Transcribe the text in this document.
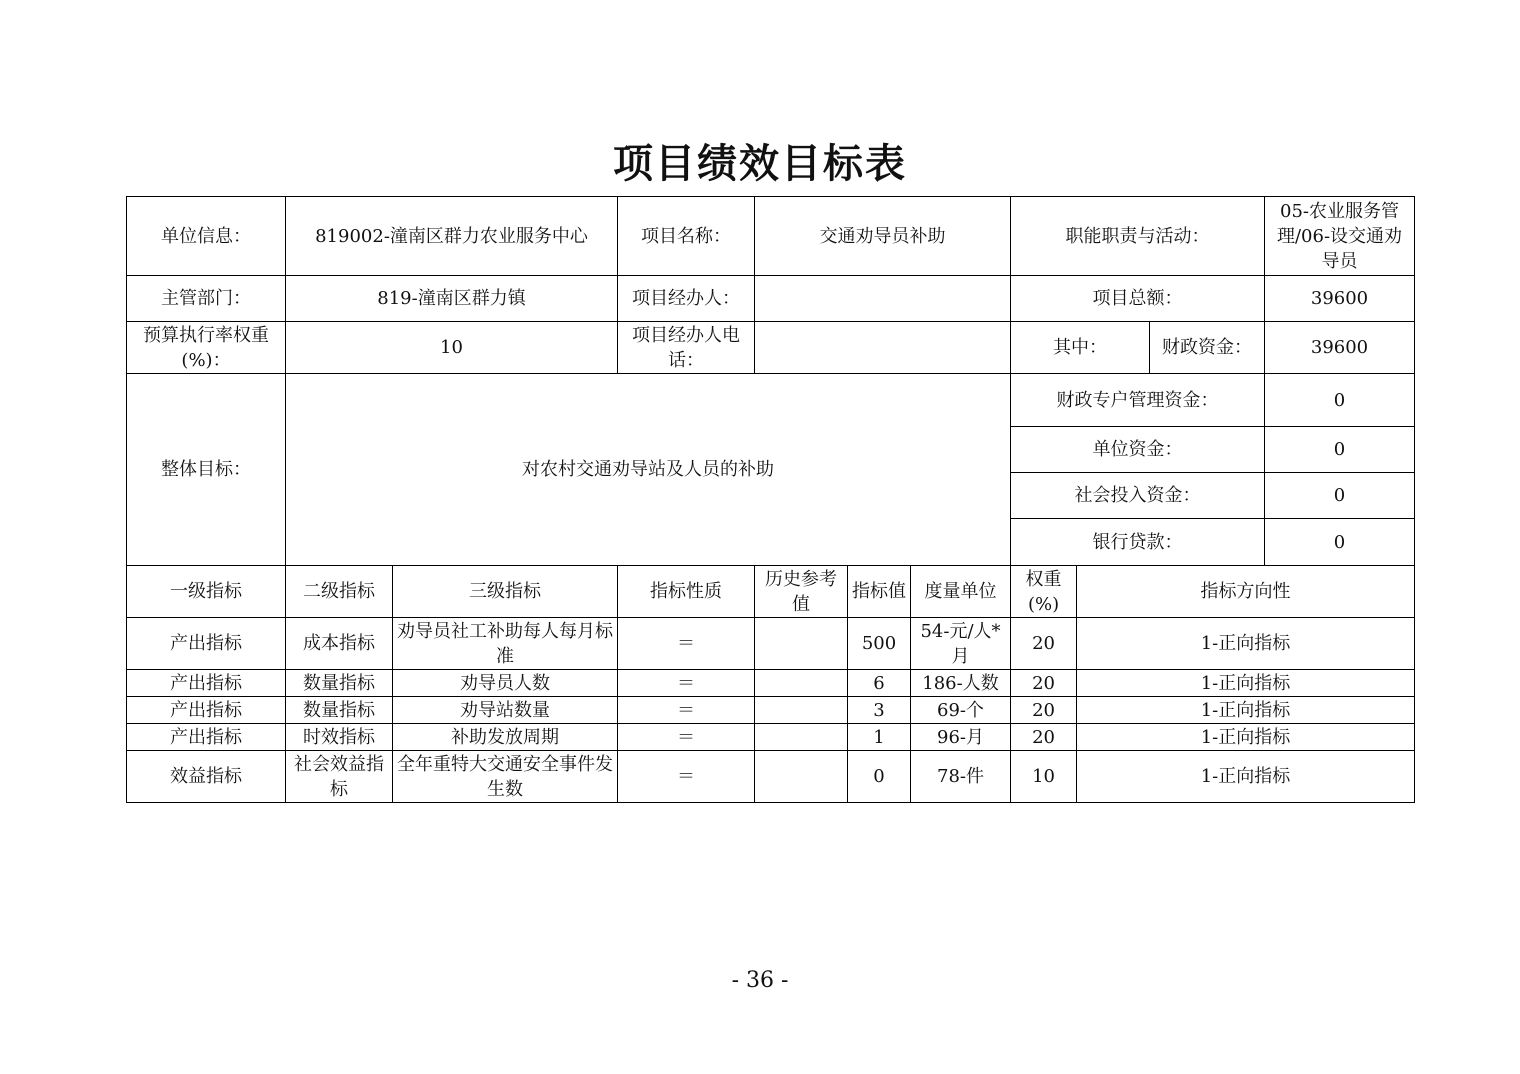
项目绩效目标表
单位信息：	819002-潼南区群力农业服务中心		项目名称：	交通劝导员补助			职能职责与活动：			05-农业服务管理/06-设交通劝导员
主管部门：	819-潼南区群力镇		项目经办人：				项目总额：			39600
预算执行率权重(%)：	10		项目经办人电话：				其中：		财政资金：	39600
整体目标：	对农村交通劝导站及人员的补助						财政专户管理资金：			0
							单位资金：			0
							社会投入资金：			0
							银行贷款：			0
一级指标	二级指标	三级指标	指标性质	历史参考值	指标值	度量单位	权重(%)	指标方向性		
产出指标	成本指标	劝导员社工补助每人每月标准	＝		500	54-元/人*月	20	1-正向指标		
产出指标	数量指标	劝导员人数	＝		6	186-人数	20	1-正向指标		
产出指标	数量指标	劝导站数量	＝		3	69-个	20	1-正向指标		
产出指标	时效指标	补助发放周期	＝		1	96-月	20	1-正向指标		
效益指标	社会效益指标	全年重特大交通安全事件发生数	＝		0	78-件	10	1-正向指标		
- 36 -
